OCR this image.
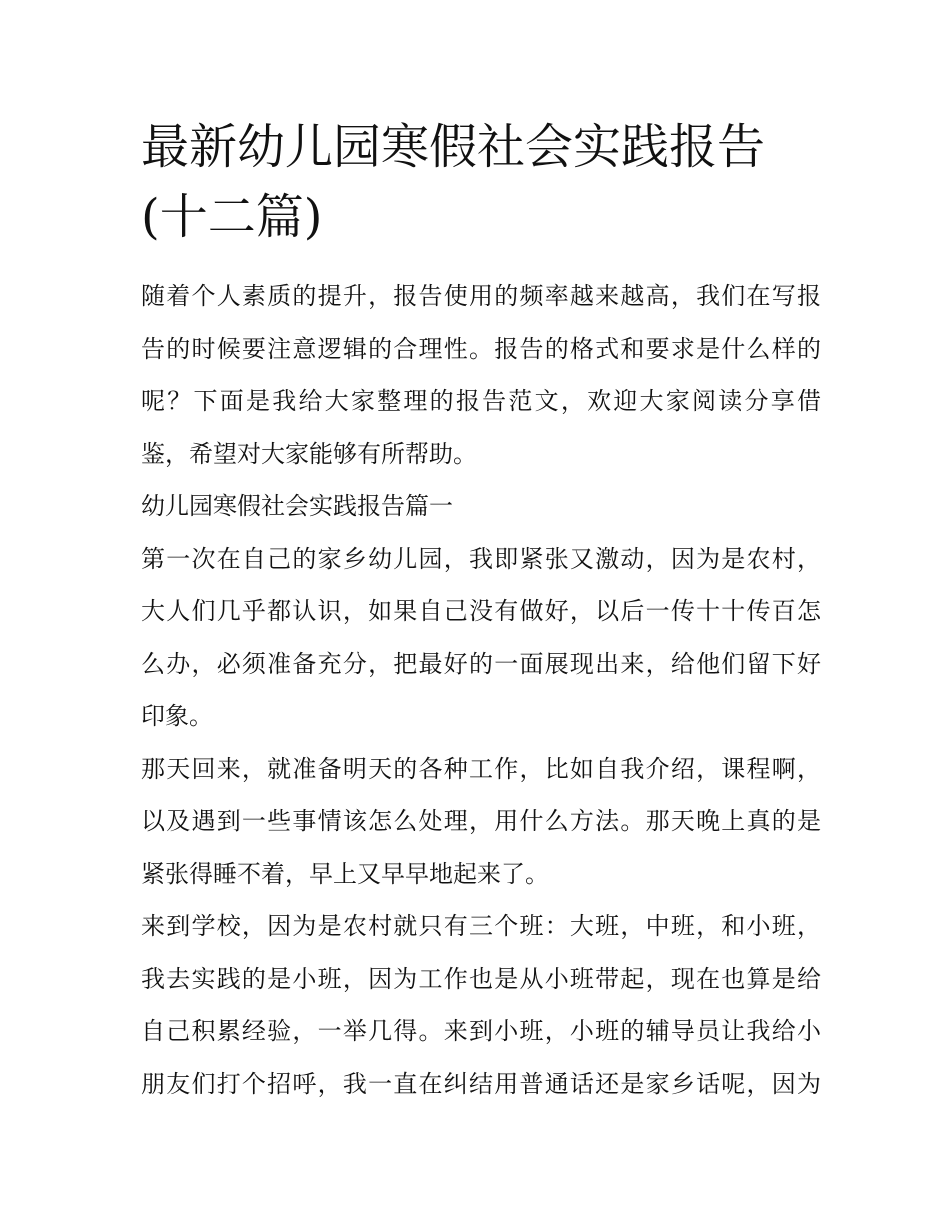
最新幼儿园寒假社会实践报告
(十二篇)
随着个人素质的提升，报告使用的频率越来越高，我们在写报
告的时候要注意逻辑的合理性。报告的格式和要求是什么样的
呢？下面是我给大家整理的报告范文，欢迎大家阅读分享借
鉴，希望对大家能够有所帮助。
幼儿园寒假社会实践报告篇一
第一次在自己的家乡幼儿园，我即紧张又激动，因为是农村，
大人们几乎都认识，如果自己没有做好，以后一传十十传百怎
么办，必须准备充分，把最好的一面展现出来，给他们留下好
印象。
那天回来，就准备明天的各种工作，比如自我介绍，课程啊，
以及遇到一些事情该怎么处理，用什么方法。那天晚上真的是
紧张得睡不着，早上又早早地起来了。
来到学校，因为是农村就只有三个班：大班，中班，和小班，
我去实践的是小班，因为工作也是从小班带起，现在也算是给
自己积累经验，一举几得。来到小班，小班的辅导员让我给小
朋友们打个招呼，我一直在纠结用普通话还是家乡话呢，因为
